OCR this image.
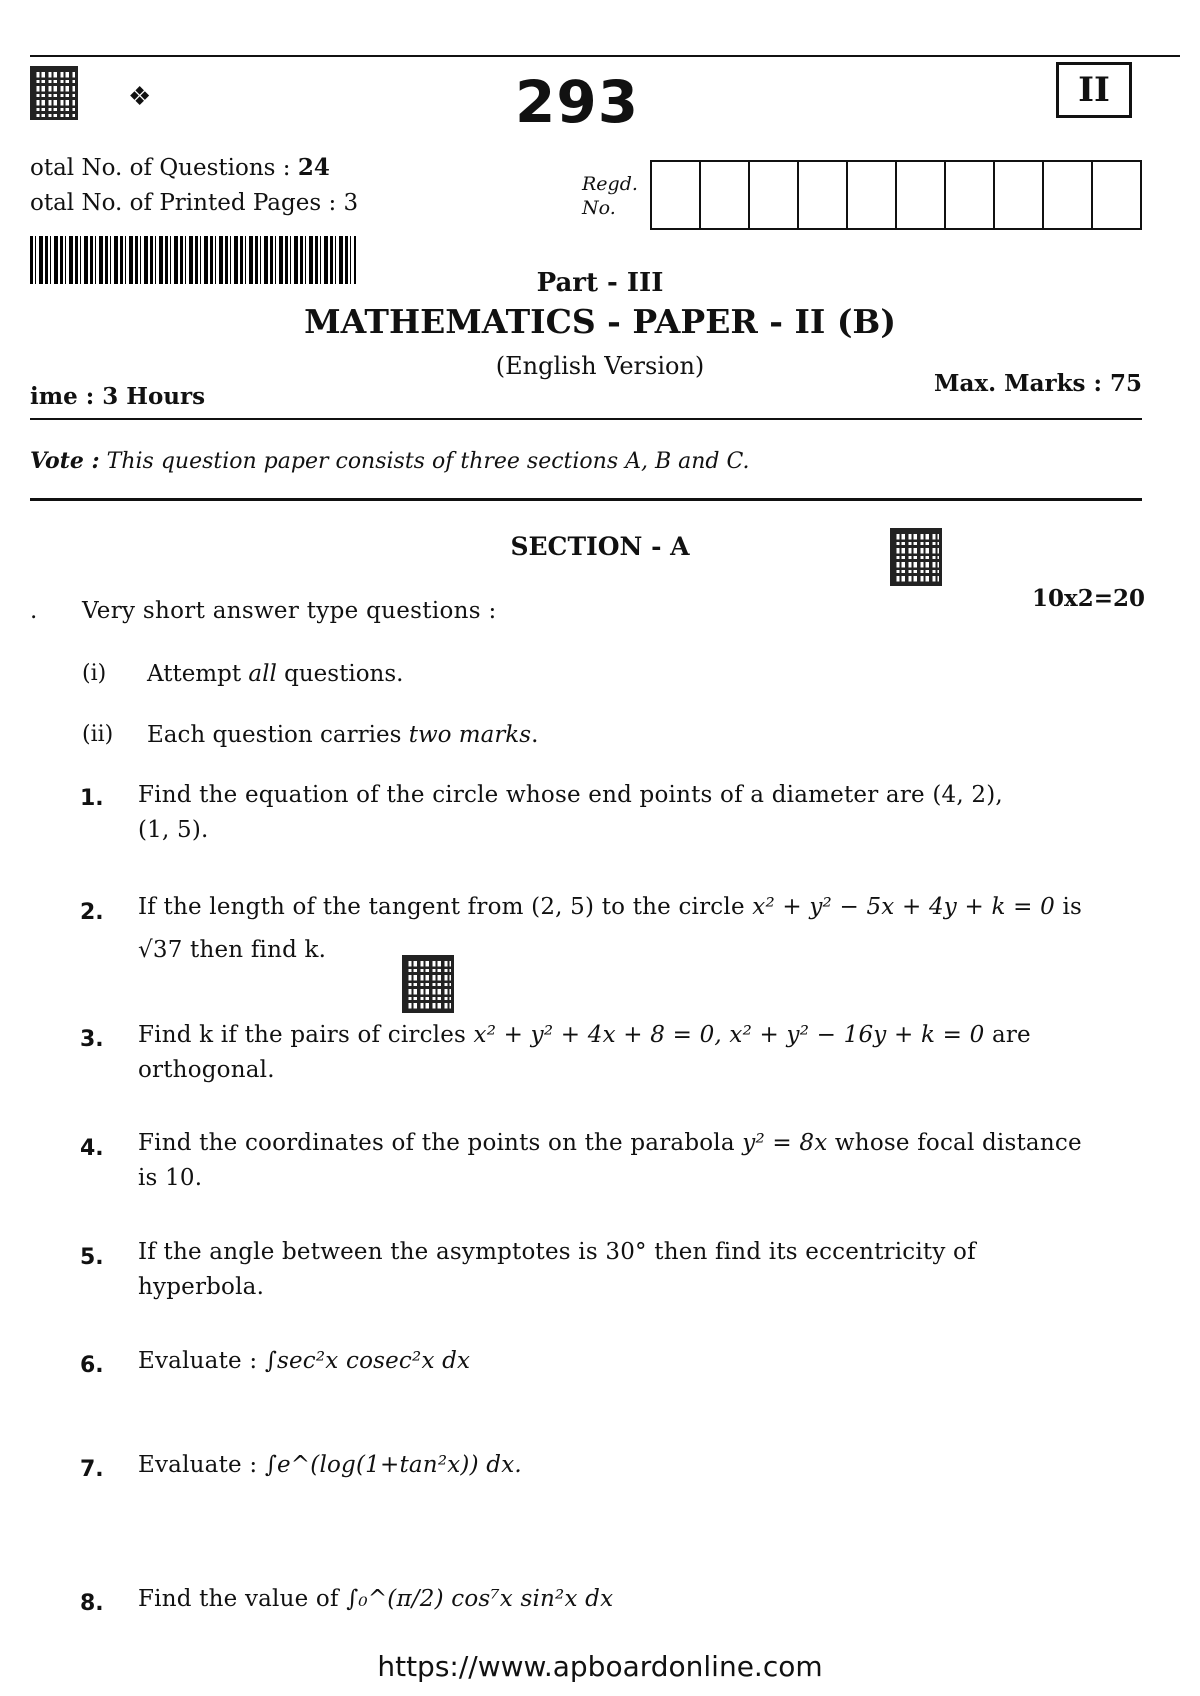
❖	293	II
otal No. of Questions : 24
otal No. of Printed Pages : 3
Regd.
No.
Part - III
MATHEMATICS - PAPER - II (B)
(English Version)
ime : 3 Hours	Max. Marks : 75
Vote : This question paper consists of three sections A, B and C.
SECTION - A
10x2=20
. Very short answer type questions :
(i) Attempt all questions.
(ii) Each question carries two marks.
1.	Find the equation of the circle whose end points of a diameter are (4, 2),
(1, 5).
2.	If the length of the tangent from (2, 5) to the circle x² + y² − 5x + 4y + k = 0 is
√37 then find k.
3.	Find k if the pairs of circles x² + y² + 4x + 8 = 0, x² + y² − 16y + k = 0 are
orthogonal.
4.	Find the coordinates of the points on the parabola y² = 8x whose focal distance
is 10.
5.	If the angle between the asymptotes is 30° then find its eccentricity of
hyperbola.
6.	Evaluate : ∫sec²x cosec²x dx
7.	Evaluate : ∫e^(log(1+tan²x)) dx.
8.	Find the value of ∫₀^(π/2) cos⁷x sin²x dx
https://www.apboardonline.com
